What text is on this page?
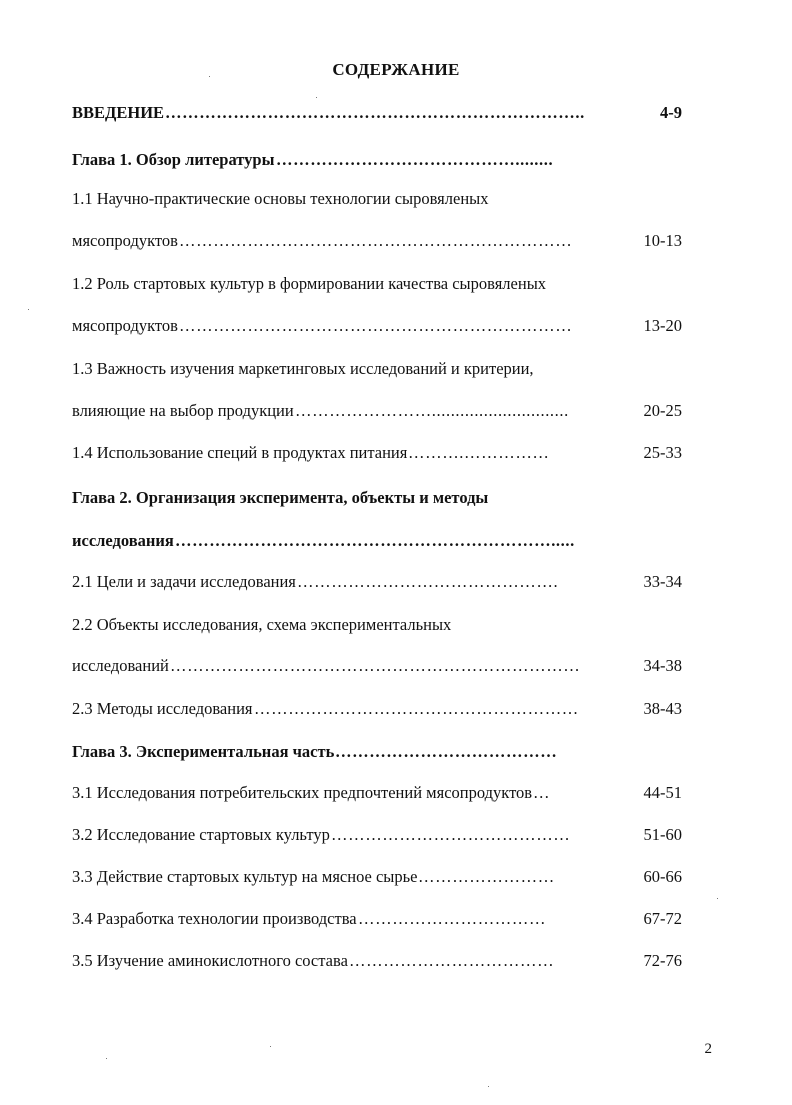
СОДЕРЖАНИЕ
ВВЕДЕНИЕ ………………………………………………………………..	4-9
Глава 1. Обзор литературы ……………………………………........
1.1 Научно-практические основы технологии сыровяленых
мясопродуктов ……………………………………………………………	10-13
1.2 Роль стартовых культур в формировании качества сыровяленых
мясопродуктов ……………………………………………………………	13-20
1.3 Важность изучения маркетинговых исследований и критерии,
влияющие на выбор продукции …………………….............................	20-25
1.4 Использование специй в продуктах питания ……….……………	25-33
Глава 2. Организация эксперимента, объекты и методы
исследования ………………………………………………………….....
2.1 Цели и задачи исследования ……………………………………….	33-34
2.2 Объекты исследования, схема экспериментальных
исследований ………………………………………………………………	34-38
2.3 Методы исследования …………………………………………………	38-43
Глава 3. Экспериментальная часть …………………………………
3.1 Исследования потребительских предпочтений мясопродуктов …	44-51
3.2 Исследование стартовых культур ……………………………………	51-60
3.3 Действие стартовых культур на мясное сырье ……………………	60-66
3.4 Разработка технологии производства ……………………………	67-72
3.5 Изучение аминокислотного состава ………………………………	72-76
2
